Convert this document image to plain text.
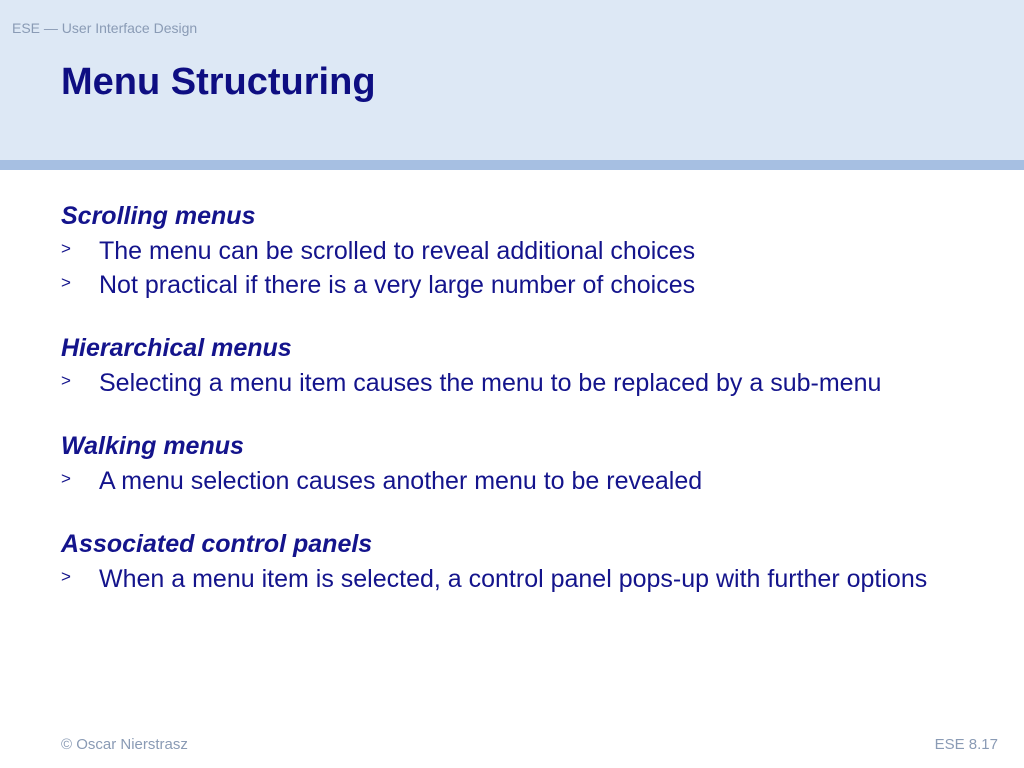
ESE — User Interface Design
Menu Structuring

Scrolling menus

> The menu can be scrolled to reveal additional choices
> Not practical if there is a very large number of choices

Hierarchical menus

> Selecting a menu item causes the menu to be replaced by a sub-menu

Walking menus

> A menu selection causes another menu to be revealed

Associated control panels

> When a menu item is selected, a control panel pops-up with further options
© Oscar Nierstrasz	ESE 8.17
